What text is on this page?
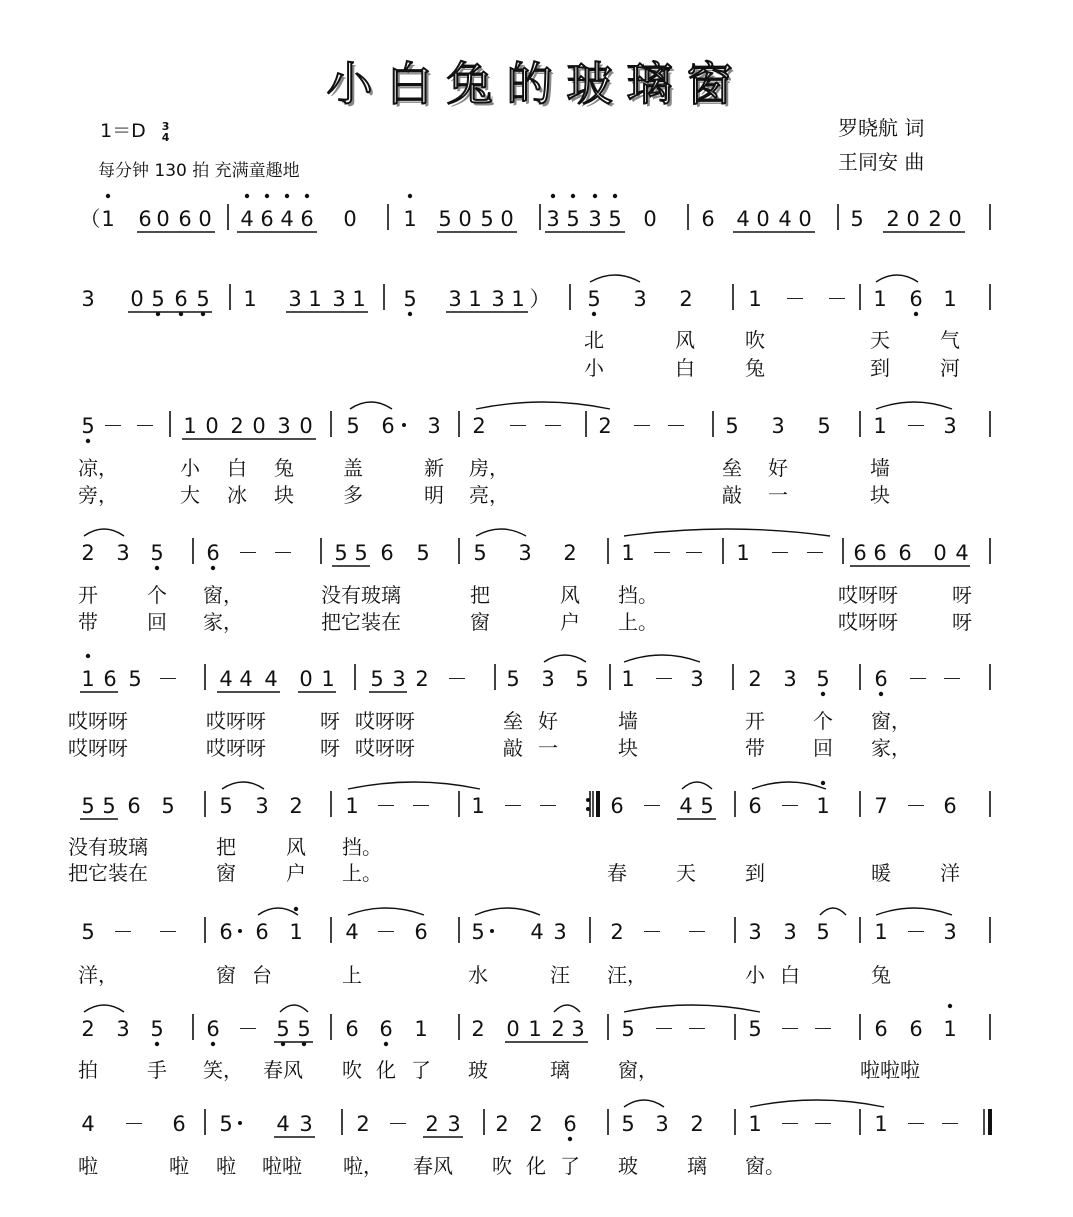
小白兔的玻璃窗
1＝D 3
4
每分钟 130 拍 充满童趣地
罗晓航 词
王同安 曲
（ 1 6 0 6 0 4 6 4 6 0 1 5 0 5 0 3 5 3 5 0 6 4 0 4 0 5 2 0 2 0
3 0 5 6 5 1 3 1 3 1 5 3 1 3 1 ） 5 3 2	1 － － 1 6 1
5 － － 1 0 2 0 3 0 5 6 3 2 － － 2 － － 5 3 5 1 － 3
2 3 5 6 － － 5 5 6 5 5 3 2 1 － － 1 － － 6 6 6 0 4
1 6 5 － 4 4 4 0 1 5 3 2 － 5 3 5 1 － 3 2 3 5 6 － －
5 5 6 5 5 3 2 1 － － 1 － － 6 － 4 5 6 － 1 7 － 6
5 － － 6 6 1 4 － 6 5 4 3 2 － － 3 3 5 1 － 3
2 3 5 6 － 5 5 6 6 1 2 0 1 2 3 5 － － 5 － － 6 6 1
4 － 6 5 4 3 2 － 2 3 2 2 6 5 3 2 1 － － 1 － －
北	风	吹	天	气
小	白	兔	到	河
凉，	小 白 兔 盖	新 房，	垒 好	墙
旁，	大 冰 块 多	明 亮，	敲 一	块
开 个 窗，	没有玻璃	把	风 挡。	哎呀呀	呀
带 回 家，	把它装在	窗	户 上。	哎呀呀	呀
哎呀呀	哎呀呀	呀 哎呀呀	垒 好	墙	开 个 窗，
哎呀呀	哎呀呀	呀 哎呀呀	敲 一	块	带 回 家，
没有玻璃	把	风 挡。
把它装在	窗	户 上。	春 天 到	暖 洋
洋，	窗 台	上	水	汪 汪，	小 白	兔
拍 手 笑， 春风 吹 化 了 玻	璃 窗，	啦啦啦
啦	啦 啦 啦啦 啦， 春风 吹 化 了 玻 璃 窗。
